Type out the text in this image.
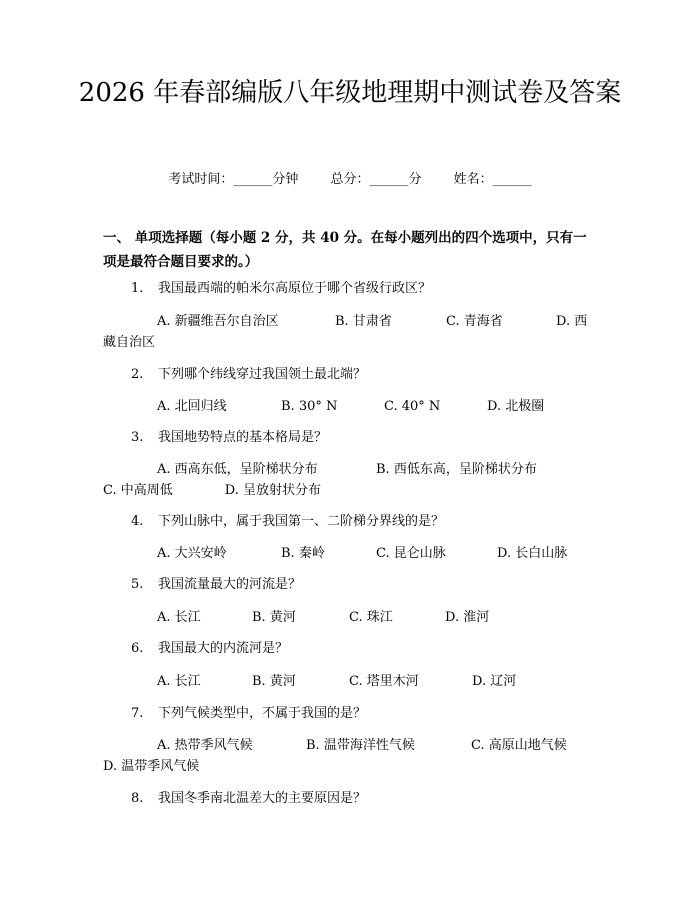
2026 年春部编版八年级地理期中测试卷及答案
考试时间：______分钟 总分：______分 姓名：______
一、 单项选择题（每小题 2 分，共 40 分。在每小题列出的四个选项中，只有一项是最符合题目要求的。）
1. 我国最西端的帕米尔高原位于哪个省级行政区？
A. 新疆维吾尔自治区	B. 甘肃省	C. 青海省	D. 西
藏自治区
2. 下列哪个纬线穿过我国领土最北端？
A. 北回归线	B. 30° N	C. 40° N	D. 北极圈
3. 我国地势特点的基本格局是？
A. 西高东低，呈阶梯状分布	B. 西低东高，呈阶梯状分布
C. 中高周低　　　　D. 呈放射状分布
4. 下列山脉中，属于我国第一、二阶梯分界线的是？
A. 大兴安岭	B. 秦岭	C. 昆仑山脉	D. 长白山脉
5. 我国流量最大的河流是？
A. 长江	B. 黄河	C. 珠江	D. 淮河
6. 我国最大的内流河是？
A. 长江	B. 黄河	C. 塔里木河	D. 辽河
7. 下列气候类型中，不属于我国的是？
A. 热带季风气候	B. 温带海洋性气候	C. 高原山地气候
D. 温带季风气候
8. 我国冬季南北温差大的主要原因是？
